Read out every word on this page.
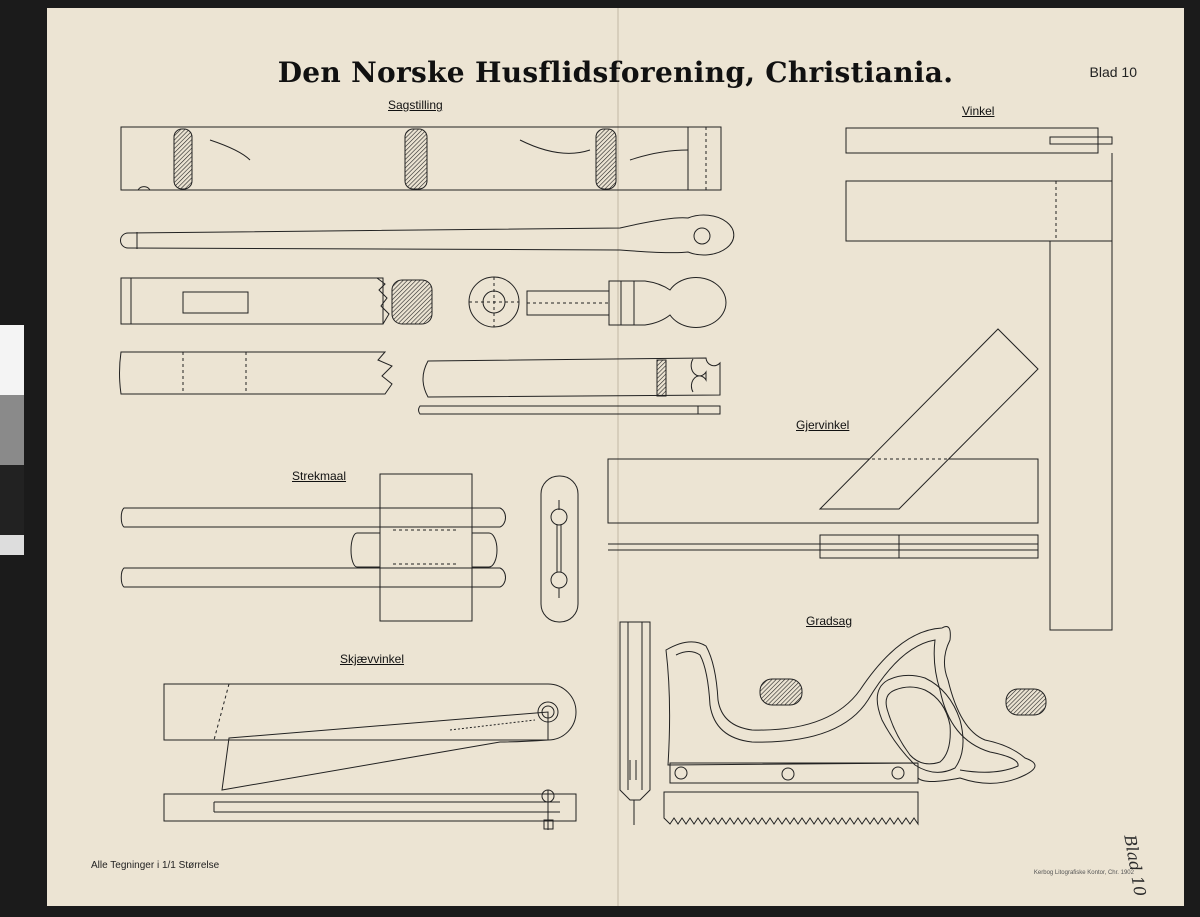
Den Norske Husflidsforening, Christiania.	Blad 10
Alle Tegninger i 1/1 Størrelse
Kerbog Litografiske Kontor, Chr. 1902
Blad 10
Sagstilling	Vinkel
Gjervinkel
Strekmaal
Skjævvinkel
Gradsag
